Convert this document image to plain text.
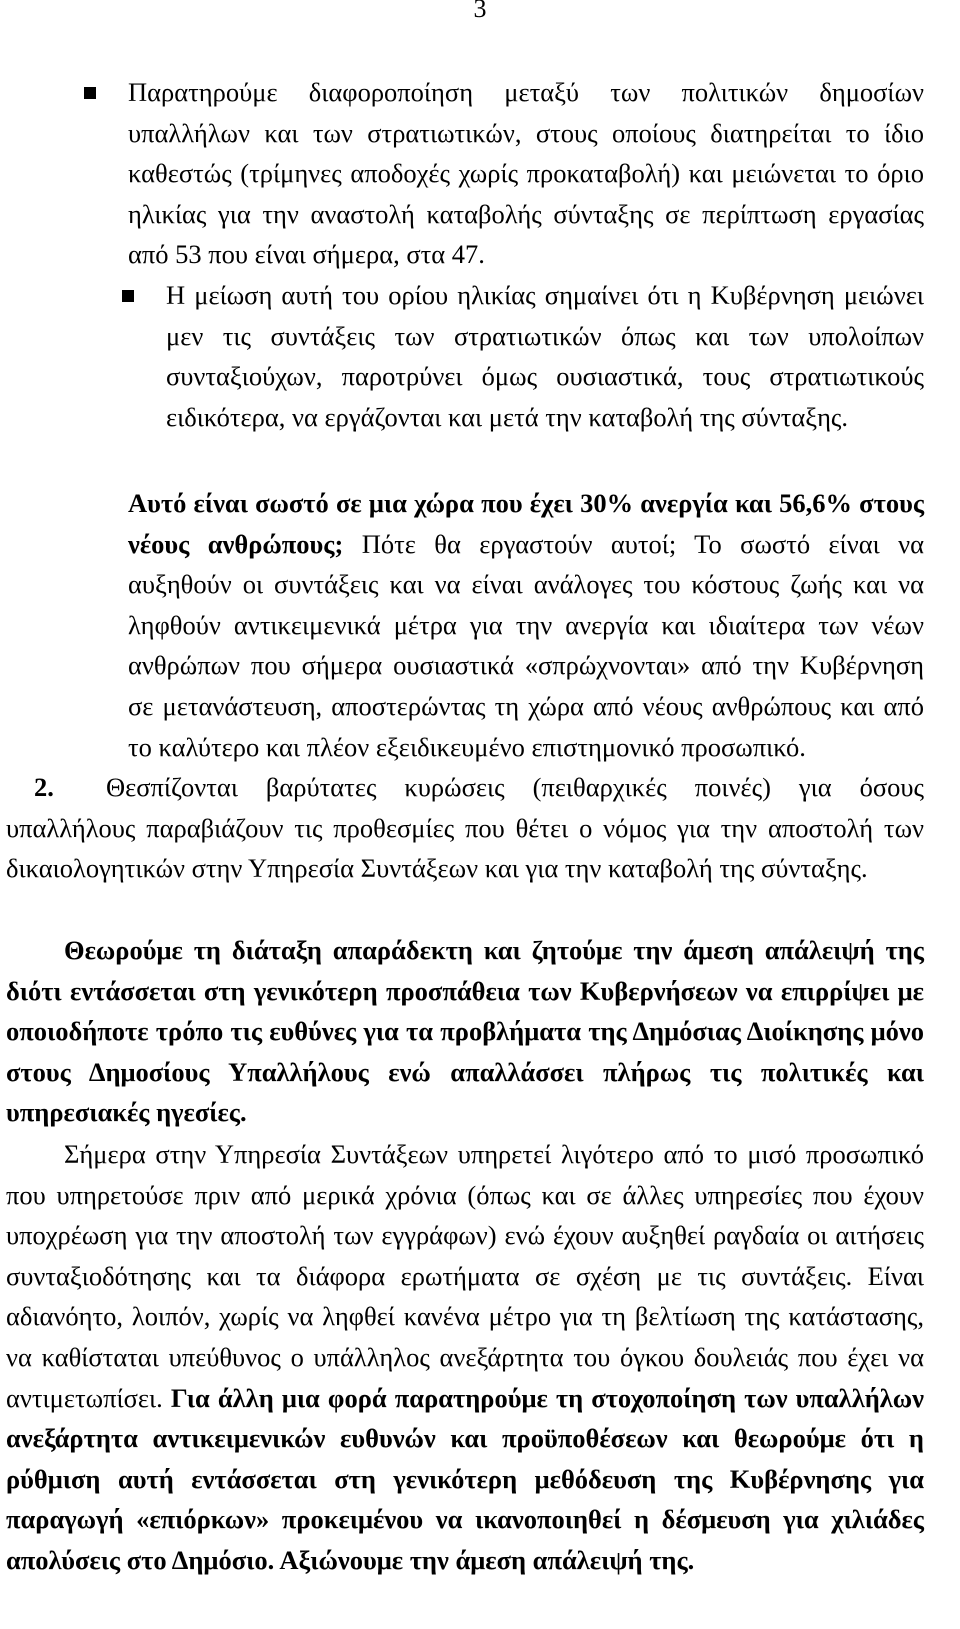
3
Παρατηρούμε διαφοροποίηση μεταξύ των πολιτικών δημοσίων υπαλλήλων και των στρατιωτικών, στους οποίους διατηρείται το ίδιο καθεστώς (τρίμηνες αποδοχές χωρίς προκαταβολή) και μειώνεται το όριο ηλικίας για την αναστολή καταβολής σύνταξης σε περίπτωση εργασίας από 53 που είναι σήμερα, στα 47.
Η μείωση αυτή του ορίου ηλικίας σημαίνει ότι η Κυβέρνηση μειώνει μεν τις συντάξεις των στρατιωτικών όπως και των υπολοίπων συνταξιούχων, παροτρύνει όμως ουσιαστικά, τους στρατιωτικούς ειδικότερα, να εργάζονται και μετά την καταβολή της σύνταξης.
Αυτό είναι σωστό σε μια χώρα που έχει 30% ανεργία και 56,6% στους νέους ανθρώπους; Πότε θα εργαστούν αυτοί; Το σωστό είναι να αυξηθούν οι συντάξεις και να είναι ανάλογες του κόστους ζωής και να ληφθούν αντικειμενικά μέτρα για την ανεργία και ιδιαίτερα των νέων ανθρώπων που σήμερα ουσιαστικά «σπρώχνονται» από την Κυβέρνηση σε μετανάστευση, αποστερώντας τη χώρα από νέους ανθρώπους και από το καλύτερο και πλέον εξειδικευμένο επιστημονικό προσωπικό.
2. Θεσπίζονται βαρύτατες κυρώσεις (πειθαρχικές ποινές) για όσους υπαλλήλους παραβιάζουν τις προθεσμίες που θέτει ο νόμος για την αποστολή των δικαιολογητικών στην Υπηρεσία Συντάξεων και για την καταβολή της σύνταξης.
Θεωρούμε τη διάταξη απαράδεκτη και ζητούμε την άμεση απάλειψή της διότι εντάσσεται στη γενικότερη προσπάθεια των Κυβερνήσεων να επιρρίψει με οποιοδήποτε τρόπο τις ευθύνες για τα προβλήματα της Δημόσιας Διοίκησης μόνο στους Δημοσίους Υπαλλήλους ενώ απαλλάσσει πλήρως τις πολιτικές και υπηρεσιακές ηγεσίες.
Σήμερα στην Υπηρεσία Συντάξεων υπηρετεί λιγότερο από το μισό προσωπικό που υπηρετούσε πριν από μερικά χρόνια (όπως και σε άλλες υπηρεσίες που έχουν υποχρέωση για την αποστολή των εγγράφων) ενώ έχουν αυξηθεί ραγδαία οι αιτήσεις συνταξιοδότησης και τα διάφορα ερωτήματα σε σχέση με τις συντάξεις. Είναι αδιανόητο, λοιπόν, χωρίς να ληφθεί κανένα μέτρο για τη βελτίωση της κατάστασης, να καθίσταται υπεύθυνος ο υπάλληλος ανεξάρτητα του όγκου δουλειάς που έχει να αντιμετωπίσει. Για άλλη μια φορά παρατηρούμε τη στοχοποίηση των υπαλλήλων ανεξάρτητα αντικειμενικών ευθυνών και προϋποθέσεων και θεωρούμε ότι η ρύθμιση αυτή εντάσσεται στη γενικότερη μεθόδευση της Κυβέρνησης για παραγωγή «επιόρκων» προκειμένου να ικανοποιηθεί η δέσμευση για χιλιάδες απολύσεις στο Δημόσιο. Αξιώνουμε την άμεση απάλειψή της.
